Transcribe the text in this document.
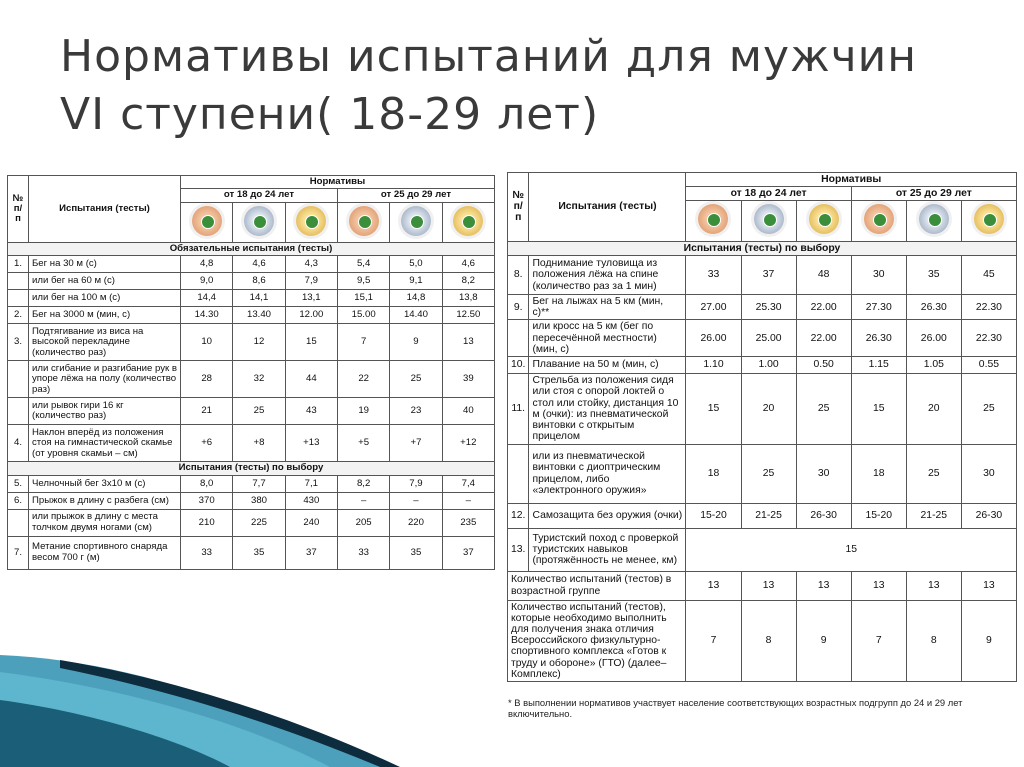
Нормативы испытаний для мужчин VI ступени( 18-29 лет)
№ п/п	Испытания (тесты)	Нормативы					
		от 18 до 24 лет			от 25 до 29 лет		

Обязательные испытания (тесты)							
1.	Бег на 30 м (с)	4,8	4,6	4,3	5,4	5,0	4,6
	или бег на 60 м (с)	9,0	8,6	7,9	9,5	9,1	8,2
	или бег на 100 м (с)	14,4	14,1	13,1	15,1	14,8	13,8
2.	Бег на 3000 м (мин, с)	14.30	13.40	12.00	15.00	14.40	12.50
3.	Подтягивание из виса на высокой перекладине (количество раз)	10	12	15	7	9	13
	или сгибание и разгибание рук в упоре лёжа на полу (количество раз)	28	32	44	22	25	39
	или рывок гири 16 кг (количество раз)	21	25	43	19	23	40
4.	Наклон вперёд из положения стоя на гимнастической скамье (от уровня скамьи – см)	+6	+8	+13	+5	+7	+12
Испытания (тесты) по выбору							
5.	Челночный бег 3x10 м (с)	8,0	7,7	7,1	8,2	7,9	7,4
6.	Прыжок в длину с разбега (см)	370	380	430	–	–	–
	или прыжок в длину с места толчком двумя ногами (см)	210	225	240	205	220	235
7.	Метание спортивного снаряда весом 700 г (м)	33	35	37	33	35	37
№ п/п	Испытания (тесты)	Нормативы					
		от 18 до 24 лет			от 25 до 29 лет		

Испытания (тесты) по выбору							
8.	Поднимание туловища из положения лёжа на спине (количество раз за 1 мин)	33	37	48	30	35	45
9.	Бег на лыжах на 5 км (мин, с)**	27.00	25.30	22.00	27.30	26.30	22.30
	или кросс на 5 км (бег по пересечённой местности) (мин, с)	26.00	25.00	22.00	26.30	26.00	22.30
10.	Плавание на 50 м (мин, с)	1.10	1.00	0.50	1.15	1.05	0.55
11.	Стрельба из положения сидя или стоя с опорой локтей о стол или стойку, дистанция 10 м (очки): из пневматической винтовки с открытым прицелом	15	20	25	15	20	25
	или из пневматической винтовки с диоптрическим прицелом, либо «электронного оружия»	18	25	30	18	25	30
12.	Самозащита без оружия (очки)	15-20	21-25	26-30	15-20	21-25	26-30
13.	Туристский поход с проверкой туристских навыков (протяжённость не менее, км)	15					
Количество испытаний (тестов) в возрастной группе		13	13	13	13	13	13
Количество испытаний (тестов), которые необходимо выполнить для получения знака отличия Всероссийского физкультурно-спортивного комплекса «Готов к труду и обороне» (ГТО) (далее–Комплекс)		7	8	9	7	8	9

* В выполнении нормативов участвует население соответствующих возрастных подгрупп до 24 и 29 лет включительно.
